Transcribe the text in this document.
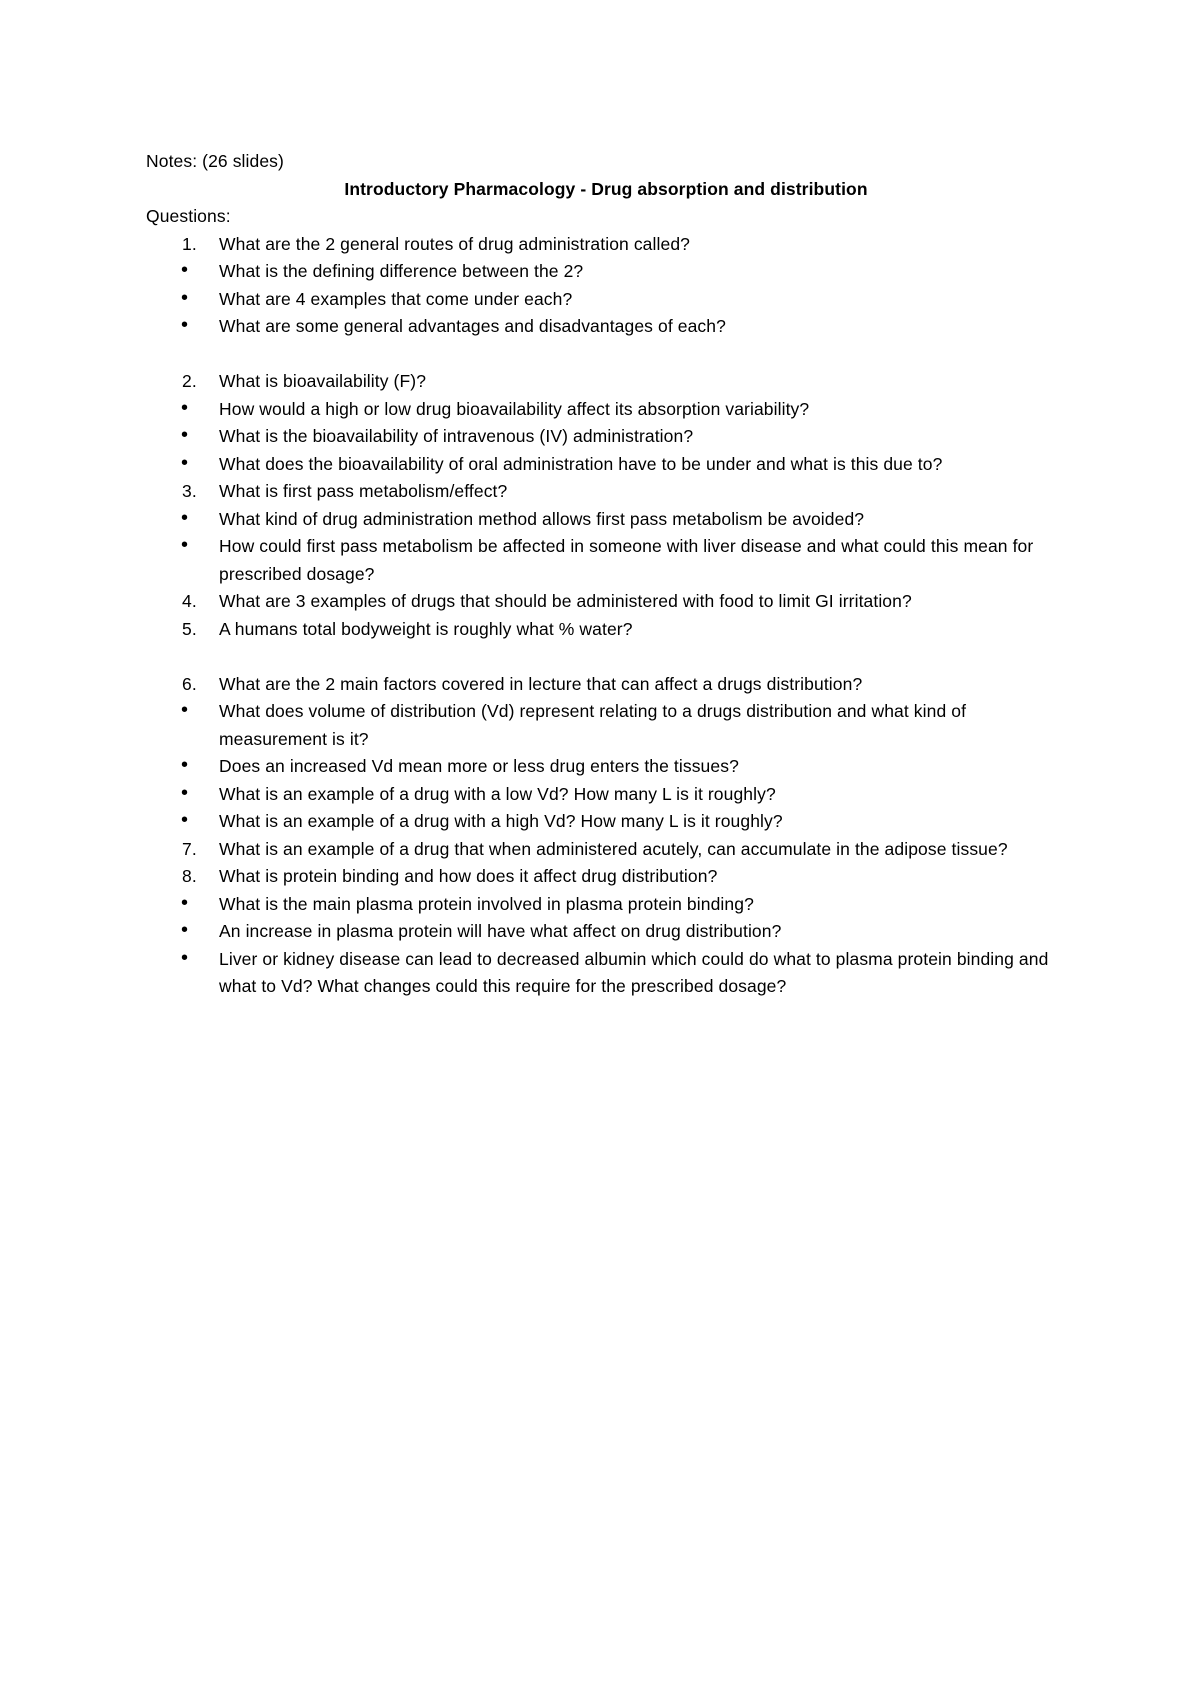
Notes: (26 slides)

Introductory Pharmacology - Drug absorption and distribution

Questions:

1.	What are the 2 general routes of drug administration called?
• What is the defining difference between the 2?
• What are 4 examples that come under each?
• What are some general advantages and disadvantages of each?
2.	What is bioavailability (F)?
• How would a high or low drug bioavailability affect its absorption variability?
• What is the bioavailability of intravenous (IV) administration?
• What does the bioavailability of oral administration have to be under and what is this due to?
3.	What is first pass metabolism/effect?
• What kind of drug administration method allows first pass metabolism be avoided?
• How could first pass metabolism be affected in someone with liver disease and what could this mean for prescribed dosage?
4.	What are 3 examples of drugs that should be administered with food to limit GI irritation?
5.	A humans total bodyweight is roughly what % water?
6.	What are the 2 main factors covered in lecture that can affect a drugs distribution?
• What does volume of distribution (Vd) represent relating to a drugs distribution and what kind of measurement is it?
• Does an increased Vd mean more or less drug enters the tissues?
• What is an example of a drug with a low Vd? How many L is it roughly?
• What is an example of a drug with a high Vd? How many L is it roughly?
7.	What is an example of a drug that when administered acutely, can accumulate in the adipose tissue?
8.	What is protein binding and how does it affect drug distribution?
• What is the main plasma protein involved in plasma protein binding?
• An increase in plasma protein will have what affect on drug distribution?
• Liver or kidney disease can lead to decreased albumin which could do what to plasma protein binding and what to Vd? What changes could this require for the prescribed dosage?
